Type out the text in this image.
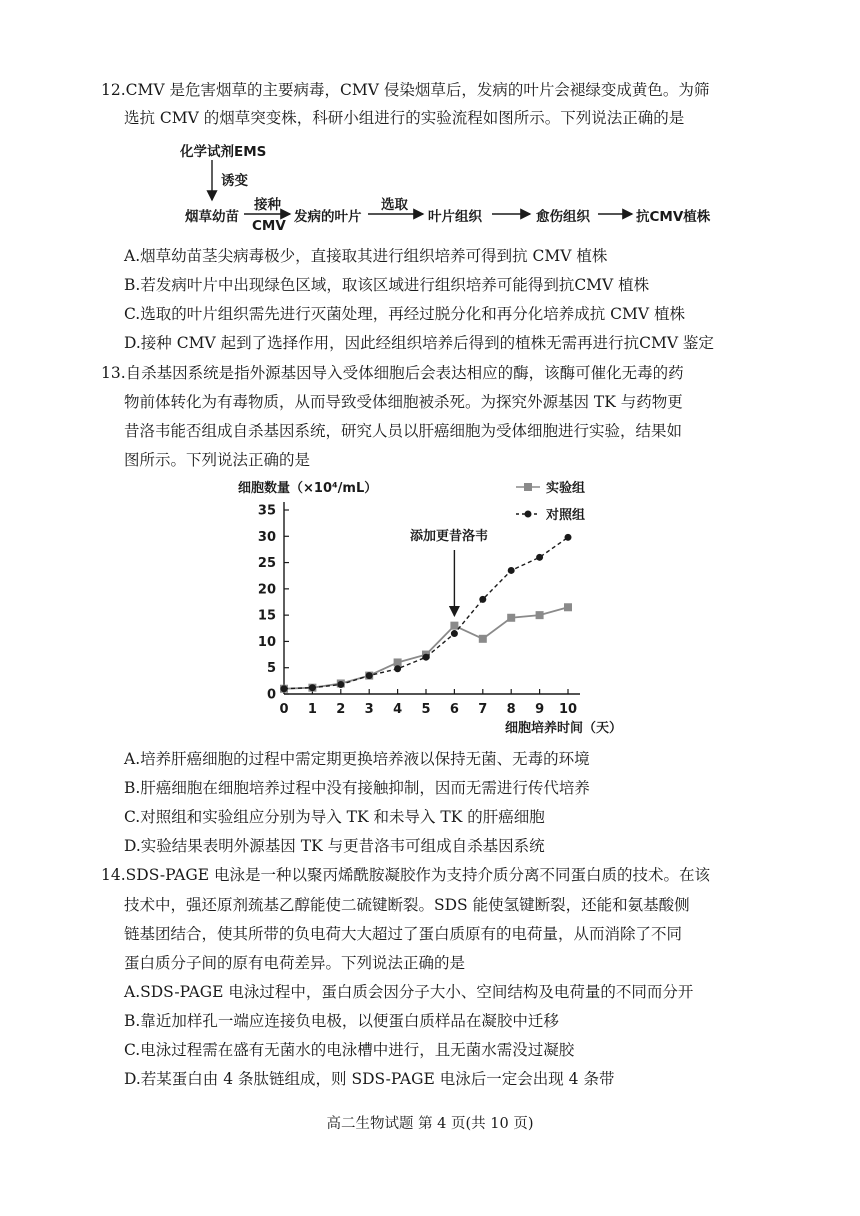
12.CMV 是危害烟草的主要病毒，CMV 侵染烟草后，发病的叶片会褪绿变成黄色。为筛
选抗 CMV 的烟草突变株，科研小组进行的实验流程如图所示。下列说法正确的是
化学试剂EMS
诱变
烟草幼苗
接种
CMV
发病的叶片
选取
叶片组织	愈伤组织	抗CMV植株
A.烟草幼苗茎尖病毒极少，直接取其进行组织培养可得到抗 CMV 植株
B.若发病叶片中出现绿色区域，取该区域进行组织培养可能得到抗CMV 植株
C.选取的叶片组织需先进行灭菌处理，再经过脱分化和再分化培养成抗 CMV 植株
D.接种 CMV 起到了选择作用，因此经组织培养后得到的植株无需再进行抗CMV 鉴定
13.自杀基因系统是指外源基因导入受体细胞后会表达相应的酶，该酶可催化无毒的药
物前体转化为有毒物质，从而导致受体细胞被杀死。为探究外源基因 TK 与药物更
昔洛韦能否组成自杀基因系统，研究人员以肝癌细胞为受体细胞进行实验，结果如
图所示。下列说法正确的是
细胞数量（×10⁴/mL）
细胞培养时间（天）
添加更昔洛韦
0
5
10
15
20
25
30
35
0 1 2 3 4 5 6 7 8 9 10
实验组
对照组
A.培养肝癌细胞的过程中需定期更换培养液以保持无菌、无毒的环境
B.肝癌细胞在细胞培养过程中没有接触抑制，因而无需进行传代培养
C.对照组和实验组应分别为导入 TK 和未导入 TK 的肝癌细胞
D.实验结果表明外源基因 TK 与更昔洛韦可组成自杀基因系统
14.SDS-PAGE 电泳是一种以聚丙烯酰胺凝胶作为支持介质分离不同蛋白质的技术。在该
技术中，强还原剂巯基乙醇能使二硫键断裂。SDS 能使氢键断裂，还能和氨基酸侧
链基团结合，使其所带的负电荷大大超过了蛋白质原有的电荷量，从而消除了不同
蛋白质分子间的原有电荷差异。下列说法正确的是
A.SDS-PAGE 电泳过程中，蛋白质会因分子大小、空间结构及电荷量的不同而分开
B.靠近加样孔一端应连接负电极，以便蛋白质样品在凝胶中迁移
C.电泳过程需在盛有无菌水的电泳槽中进行，且无菌水需没过凝胶
D.若某蛋白由 4 条肽链组成，则 SDS-PAGE 电泳后一定会出现 4 条带
高二生物试题 第 4 页(共 10 页)
